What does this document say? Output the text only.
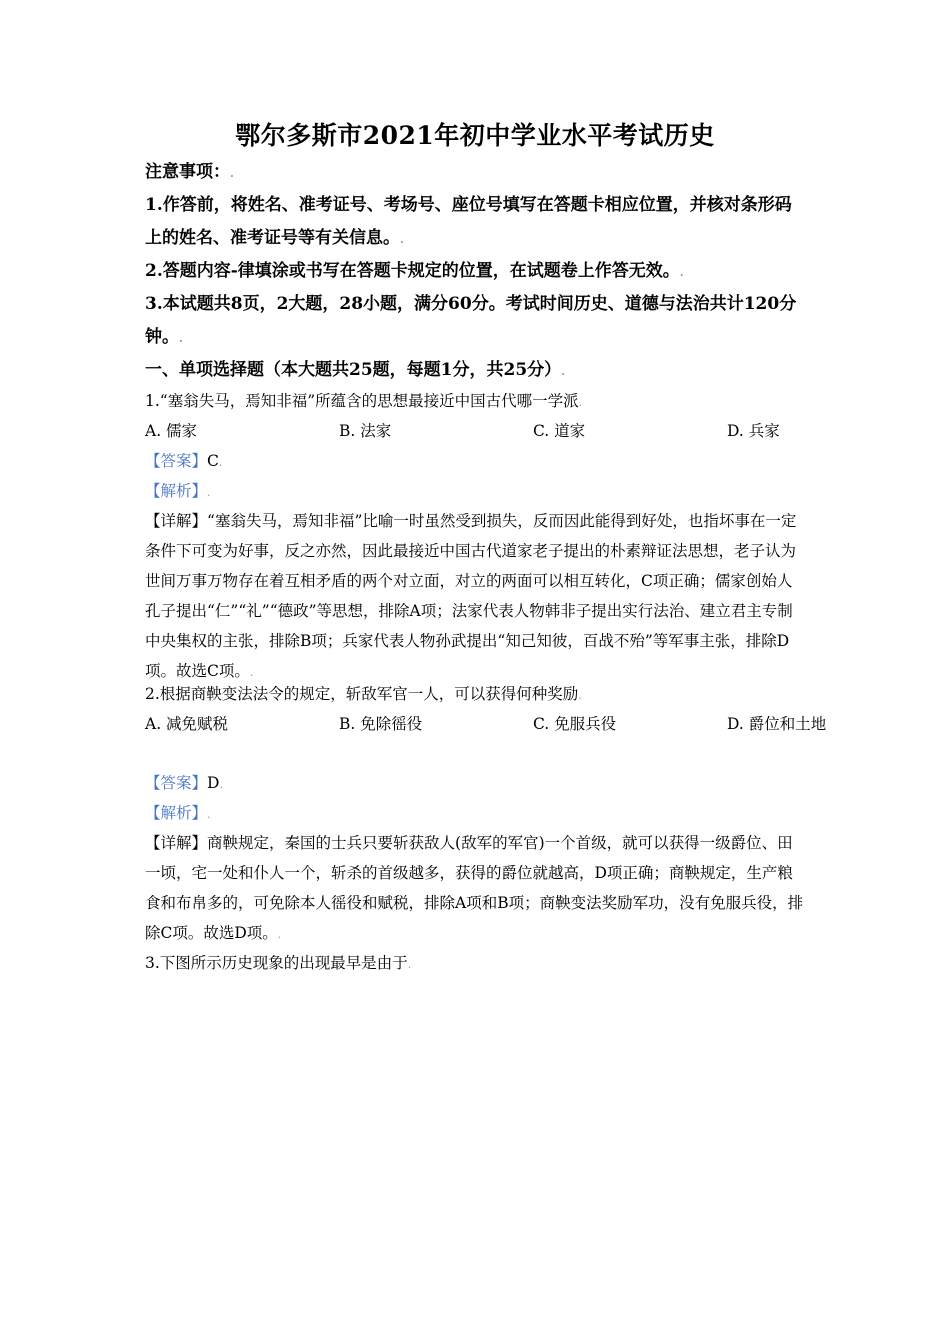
鄂尔多斯市2021年初中学业水平考试历史
注意事项：.
1.作答前，将姓名、准考证号、考场号、座位号填写在答题卡相应位置，并核对条形码上的姓名、准考证号等有关信息。.
2.答题内容-律填涂或书写在答题卡规定的位置，在试题卷上作答无效。.
3.本试题共8页，2大题，28小题，满分60分。考试时间历史、道德与法治共计120分钟。.
一、单项选择题（本大题共25题，每题1分，共25分）.
1.“塞翁失马，焉知非福”所蕴含的思想最接近中国古代哪一学派.
A. 儒家	B. 法家	C. 道家	D. 兵家
【答案】C.
【解析】.
【详解】“塞翁失马，焉知非福”比喻一时虽然受到损失，反而因此能得到好处，也指坏事在一定条件下可变为好事，反之亦然，因此最接近中国古代道家老子提出的朴素辩证法思想，老子认为世间万事万物存在着互相矛盾的两个对立面，对立的两面可以相互转化，C项正确；儒家创始人孔子提出“仁”“礼”“德政”等思想，排除A项；法家代表人物韩非子提出实行法治、建立君主专制中央集权的主张，排除B项；兵家代表人物孙武提出“知己知彼，百战不殆”等军事主张，排除D项。故选C项。.
2.根据商鞅变法法令的规定，斩敌军官一人，可以获得何种奖励.
A. 减免赋税	B. 免除徭役	C. 免服兵役	D. 爵位和土地
【答案】D.
【解析】.
【详解】商鞅规定，秦国的士兵只要斩获敌人(敌军的军官)一个首级，就可以获得一级爵位、田一顷，宅一处和仆人一个，斩杀的首级越多，获得的爵位就越高，D项正确；商鞅规定，生产粮食和布帛多的，可免除本人徭役和赋税，排除A项和B项；商鞅变法奖励军功，没有免服兵役，排除C项。故选D项。.
3.下图所示历史现象的出现最早是由于.
